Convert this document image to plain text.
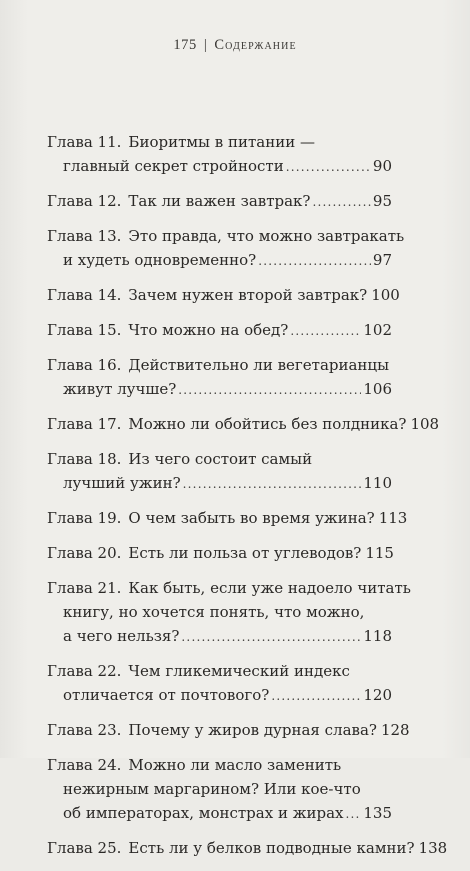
175 | Содержание
Глава 11. Биоритмы в питании —
главный секрет стройности .....	90
Глава 12. Так ли важен завтрак? .....	95
Глава 13. Это правда, что можно завтракать
и худеть одновременно? .....	97
Глава 14. Зачем нужен второй завтрак? 100
Глава 15. Что можно на обед? .....	102
Глава 16. Действительно ли вегетарианцы
живут лучше? .....	106
Глава 17. Можно ли обойтись без полдника? 108
Глава 18. Из чего состоит самый
лучший ужин? .....	110
Глава 19. О чем забыть во время ужина? 113
Глава 20. Есть ли польза от углеводов? 115
Глава 21. Как быть, если уже надоело читать
книгу, но хочется понять, что можно,
а чего нельзя? .....	118
Глава 22. Чем гликемический индекс
отличается от почтового? .....	120
Глава 23. Почему у жиров дурная слава? 128
Глава 24. Можно ли масло заменить
нежирным маргарином? Или кое-что
об императорах, монстрах и жирах ..... 135
Глава 25. Есть ли у белков подводные камни? 138
